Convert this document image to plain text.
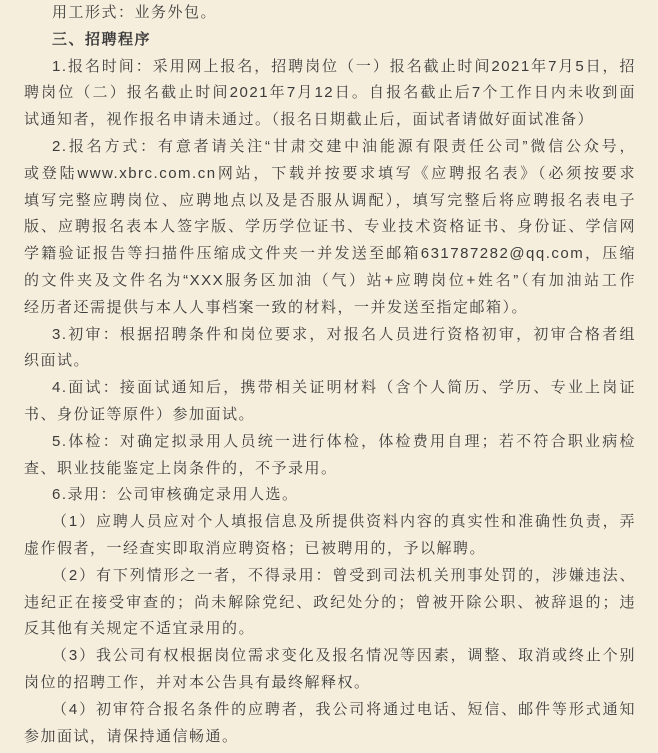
用工形式：业务外包。

三、招聘程序

1.报名时间：采用网上报名，招聘岗位（一）报名截止时间2021年7月5日，招
聘岗位（二）报名截止时间2021年7月12日。自报名截止后7个工作日内未收到面
试通知者，视作报名申请未通过。（报名日期截止后，面试者请做好面试准备）

2.报名方式：有意者请关注“甘肃交建中油能源有限责任公司”微信公众号，
或登陆www.xbrc.com.cn网站，下载并按要求填写《应聘报名表》（必须按要求
填写完整应聘岗位、应聘地点以及是否服从调配），填写完整后将应聘报名表电子
版、应聘报名表本人签字版、学历学位证书、专业技术资格证书、身份证、学信网
学籍验证报告等扫描件压缩成文件夹一并发送至邮箱631787282@qq.com，压缩
的文件夹及文件名为“XXX服务区加油（气）站+应聘岗位+姓名”（有加油站工作
经历者还需提供与本人人事档案一致的材料，一并发送至指定邮箱）。

3.初审：根据招聘条件和岗位要求，对报名人员进行资格初审，初审合格者组
织面试。

4.面试：接面试通知后，携带相关证明材料（含个人简历、学历、专业上岗证
书、身份证等原件）参加面试。

5.体检：对确定拟录用人员统一进行体检，体检费用自理；若不符合职业病检
查、职业技能鉴定上岗条件的，不予录用。

6.录用：公司审核确定录用人选。

（1）应聘人员应对个人填报信息及所提供资料内容的真实性和准确性负责，弄
虚作假者，一经查实即取消应聘资格；已被聘用的，予以解聘。

（2）有下列情形之一者，不得录用：曾受到司法机关刑事处罚的，涉嫌违法、
违纪正在接受审查的；尚未解除党纪、政纪处分的；曾被开除公职、被辞退的；违
反其他有关规定不适宜录用的。

（3）我公司有权根据岗位需求变化及报名情况等因素，调整、取消或终止个别
岗位的招聘工作，并对本公告具有最终解释权。

（4）初审符合报名条件的应聘者，我公司将通过电话、短信、邮件等形式通知
参加面试，请保持通信畅通。
